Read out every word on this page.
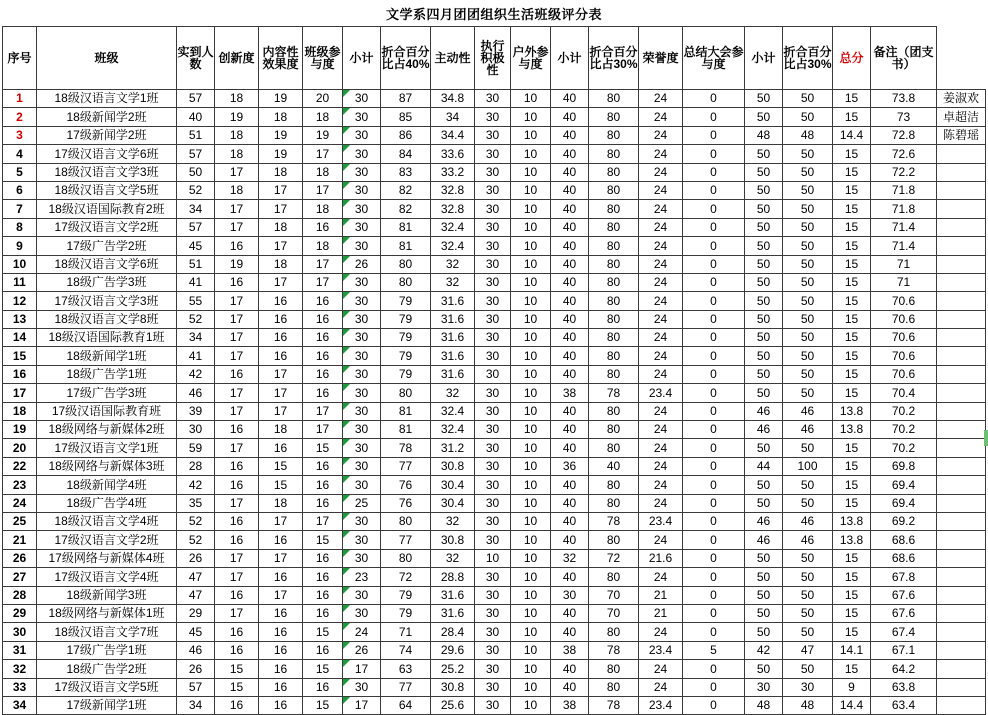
文学系四月团团组织生活班级评分表
序号	班级	实到人数	创新度	内容性效果度	班级参与度	小计	折合百分比占40%	主动性	执行积极性	户外参与度	小计	折合百分比占30%	荣誉度	总结大会参与度	小计	折合百分比占30%	总分	备注（团支书）	
1	18级汉语言文学1班	57	18	19	20	30	87	34.8	30	10	40	80	24	0	50	50	15	73.8	姜淑欢
2	18级新闻学2班	40	19	18	18	30	85	34	30	10	40	80	24	0	50	50	15	73	卓超洁
3	17级新闻学2班	51	18	19	19	30	86	34.4	30	10	40	80	24	0	48	48	14.4	72.8	陈碧瑶
4	17级汉语言文学6班	57	18	19	17	30	84	33.6	30	10	40	80	24	0	50	50	15	72.6	
5	18级汉语言文学3班	50	17	18	18	30	83	33.2	30	10	40	80	24	0	50	50	15	72.2	
6	18级汉语言文学5班	52	18	17	17	30	82	32.8	30	10	40	80	24	0	50	50	15	71.8	
7	18级汉语国际教育2班	34	17	17	18	30	82	32.8	30	10	40	80	24	0	50	50	15	71.8	
8	17级汉语言文学2班	57	17	18	16	30	81	32.4	30	10	40	80	24	0	50	50	15	71.4	
9	17级广告学2班	45	16	17	18	30	81	32.4	30	10	40	80	24	0	50	50	15	71.4	
10	18级汉语言文学6班	51	19	18	17	26	80	32	30	10	40	80	24	0	50	50	15	71	
11	18级广告学3班	41	16	17	17	30	80	32	30	10	40	80	24	0	50	50	15	71	
12	17级汉语言文学3班	55	17	16	16	30	79	31.6	30	10	40	80	24	0	50	50	15	70.6	
13	18级汉语言文学8班	52	17	16	16	30	79	31.6	30	10	40	80	24	0	50	50	15	70.6	
14	18级汉语国际教育1班	34	17	16	16	30	79	31.6	30	10	40	80	24	0	50	50	15	70.6	
15	18级新闻学1班	41	17	16	16	30	79	31.6	30	10	40	80	24	0	50	50	15	70.6	
16	18级广告学1班	42	16	17	16	30	79	31.6	30	10	40	80	24	0	50	50	15	70.6	
17	17级广告学3班	46	17	17	16	30	80	32	30	10	38	78	23.4	0	50	50	15	70.4	
18	17级汉语国际教育班	39	17	17	17	30	81	32.4	30	10	40	80	24	0	46	46	13.8	70.2	
19	18级网络与新媒体2班	30	16	18	17	30	81	32.4	30	10	40	80	24	0	46	46	13.8	70.2	
20	17级汉语言文学1班	59	17	16	15	30	78	31.2	30	10	40	80	24	0	50	50	15	70.2	
22	18级网络与新媒体3班	28	16	15	16	30	77	30.8	30	10	36	40	24	0	44	100	15	69.8	
23	18级新闻学4班	42	16	15	16	30	76	30.4	30	10	40	80	24	0	50	50	15	69.4	
24	18级广告学4班	35	17	18	16	25	76	30.4	30	10	40	80	24	0	50	50	15	69.4	
25	18级汉语言文学4班	52	16	17	17	30	80	32	30	10	40	78	23.4	0	46	46	13.8	69.2	
21	17级汉语言文学2班	52	16	16	15	30	77	30.8	30	10	40	80	24	0	46	46	13.8	68.6	
26	17级网络与新媒体4班	26	17	17	16	30	80	32	10	10	32	72	21.6	0	50	50	15	68.6	
27	17级汉语言文学4班	47	17	16	16	23	72	28.8	30	10	40	80	24	0	50	50	15	67.8	
28	18级新闻学3班	47	16	17	16	30	79	31.6	30	10	30	70	21	0	50	50	15	67.6	
29	18级网络与新媒体1班	29	17	16	16	30	79	31.6	30	10	40	70	21	0	50	50	15	67.6	
30	18级汉语言文学7班	45	16	16	15	24	71	28.4	30	10	40	80	24	0	50	50	15	67.4	
31	17级广告学1班	46	16	16	16	26	74	29.6	30	10	38	78	23.4	5	42	47	14.1	67.1	
32	18级广告学2班	26	15	16	15	17	63	25.2	30	10	40	80	24	0	50	50	15	64.2	
33	17级汉语言文学5班	57	15	16	16	30	77	30.8	30	10	40	80	24	0	30	30	9	63.8	
34	17级新闻学1班	34	16	16	15	17	64	25.6	30	10	38	78	23.4	0	48	48	14.4	63.4	
